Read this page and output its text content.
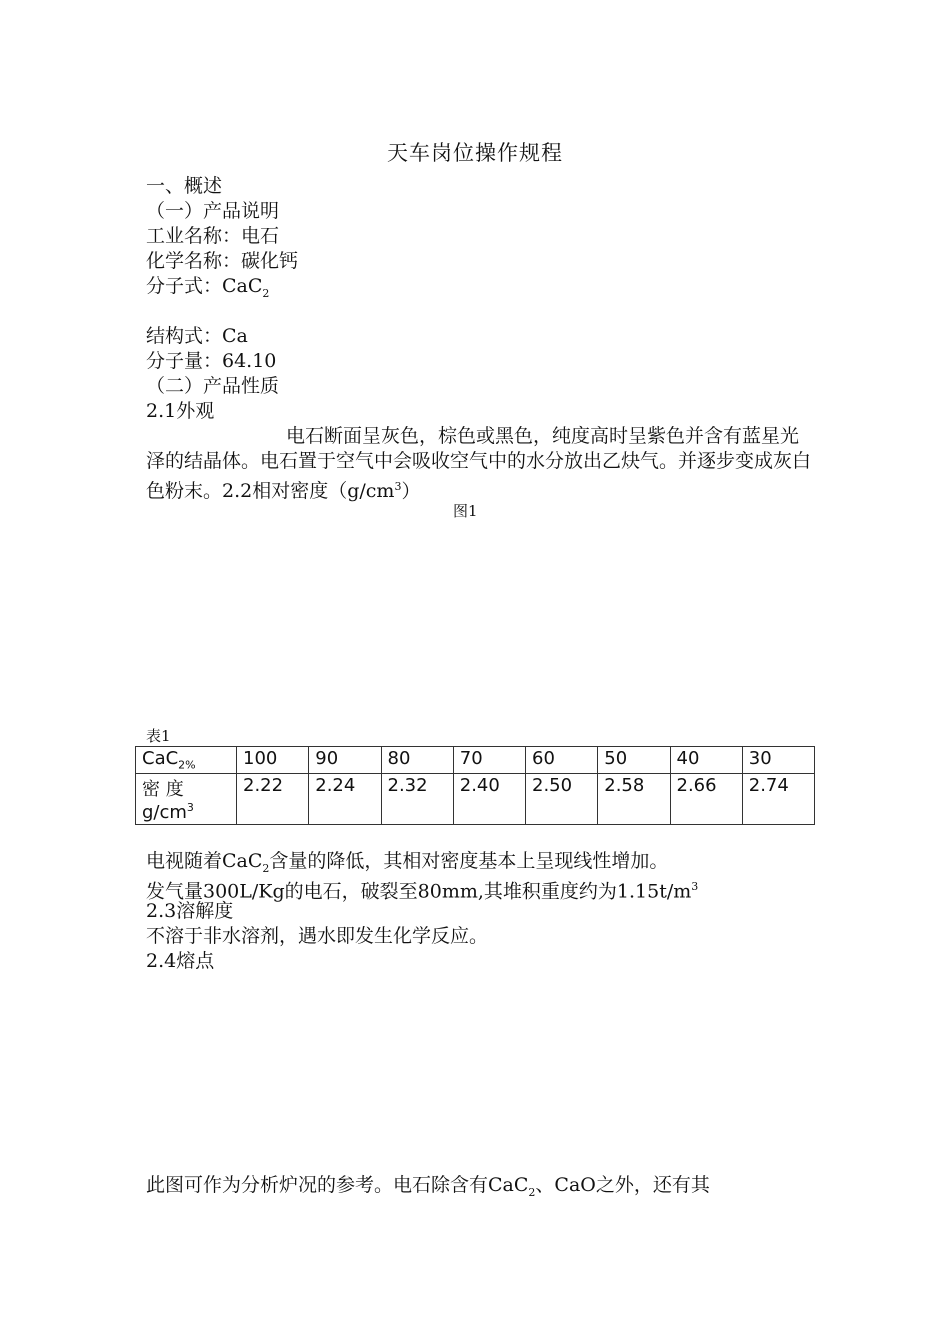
天车岗位操作规程
一、概述
（一）产品说明
工业名称：电石
化学名称：碳化钙
分子式：CaC$_2$
结构式：Ca
分子量：64.10
（二）产品性质
2.1外观
电石断面呈灰色，棕色或黑色，纯度高时呈紫色并含有蓝星光泽的结晶体。电石置于空气中会吸收空气中的水分放出乙炔气。并逐步变成灰白色粉末。2.2相对密度$(g/cm^3)$
图1
表1
CaC$_{2\%}$	100	90	80	70	60	50	40	30
密 度 $g/cm^3$	2.22	2.24	2.32	2.40	2.50	2.58	2.66	2.74
电视随着CaC$_2$含量的降低，其相对密度基本上呈现线性增加。
发气量300L/Kg的电石，破裂至80mm,其堆积重度约为$1.15t/m^3$
2.3溶解度
不溶于非水溶剂，遇水即发生化学反应。
2.4熔点
此图可作为分析炉况的参考。电石除含有CaC$_2$、CaO之外，还有其
